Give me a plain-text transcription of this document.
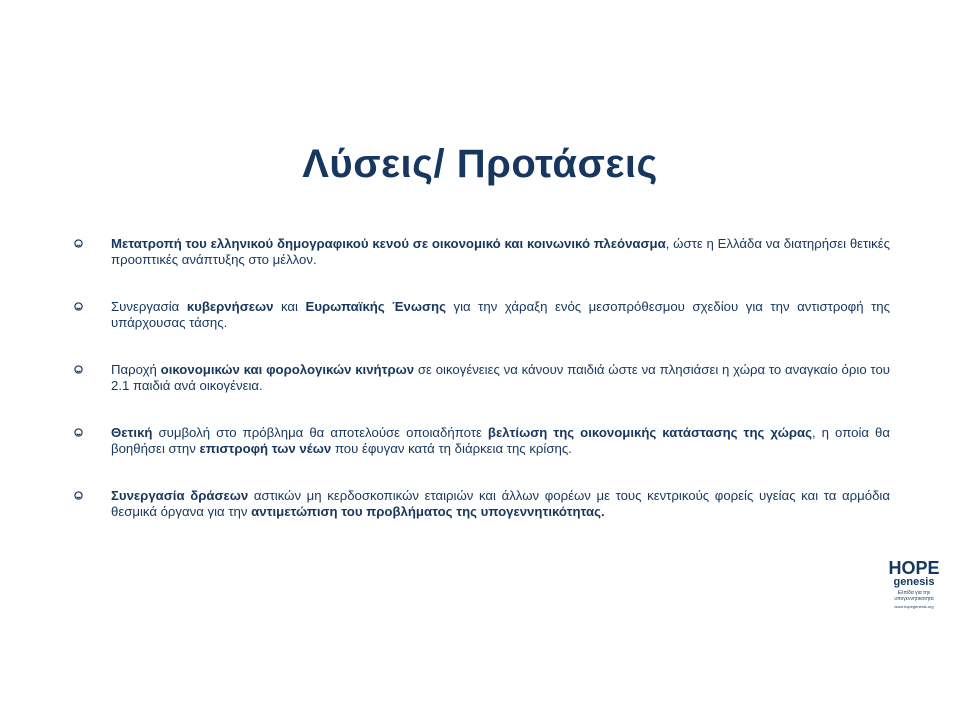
Λύσεις/ Προτάσεις
Μετατροπή του ελληνικού δημογραφικού κενού σε οικονομικό και κοινωνικό πλεόνασμα, ώστε η Ελλάδα να διατηρήσει θετικές προοπτικές ανάπτυξης στο μέλλον.
Συνεργασία κυβερνήσεων και Ευρωπαϊκής Ένωσης για την χάραξη ενός μεσοπρόθεσμου σχεδίου για την αντιστροφή της υπάρχουσας τάσης.
Παροχή οικονομικών και φορολογικών κινήτρων σε οικογένειες να κάνουν παιδιά ώστε να πλησιάσει η χώρα το αναγκαίο όριο του 2.1 παιδιά ανά οικογένεια.
Θετική συμβολή στο πρόβλημα θα αποτελούσε οποιαδήποτε βελτίωση της οικονομικής κατάστασης της χώρας, η οποία θα βοηθήσει στην επιστροφή των νέων που έφυγαν κατά τη διάρκεια της κρίσης.
Συνεργασία δράσεων αστικών μη κερδοσκοπικών εταιριών και άλλων φορέων με τους κεντρικούς φορείς υγείας και τα αρμόδια θεσμικά όργανα για την αντιμετώπιση του προβλήματος της υπογεννητικότητας.
HOPE
genesis
Ελπίδα για την υπογεννητικότητα
www.hopegenesis.org
